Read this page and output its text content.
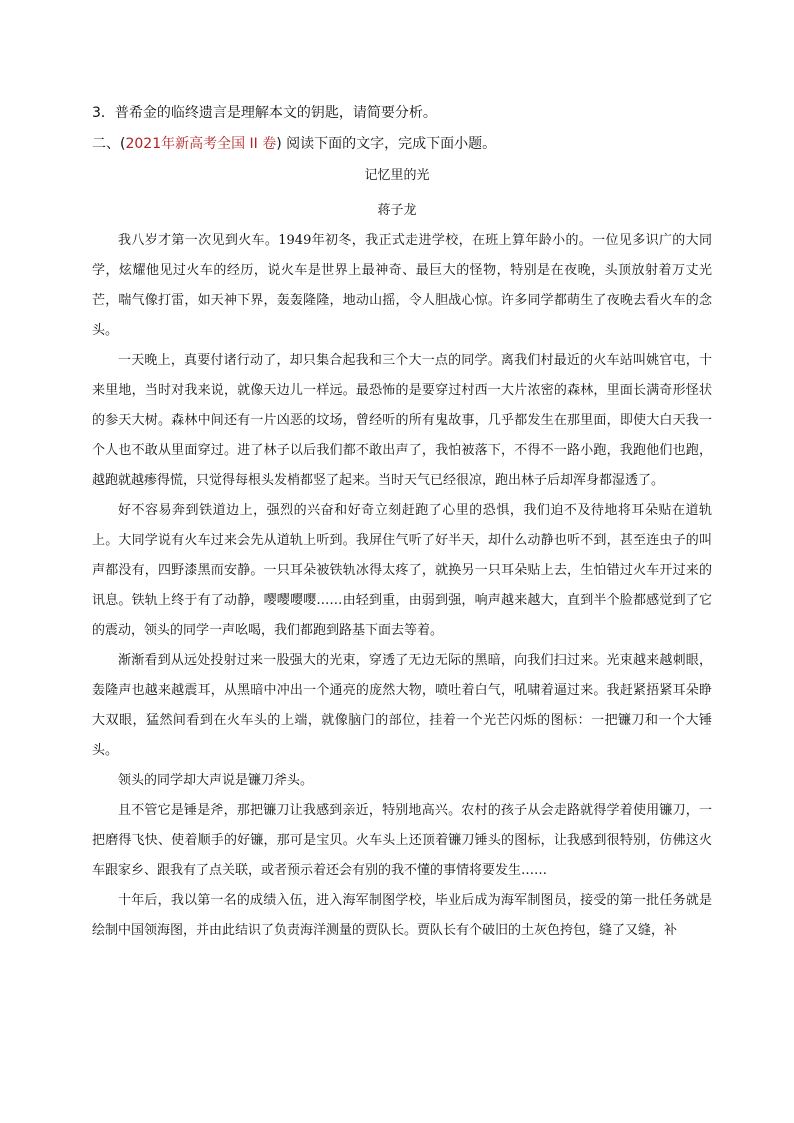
3．普希金的临终遗言是理解本文的钥匙，请简要分析。
二、(2021年新高考全国 II 卷) 阅读下面的文字，完成下面小题。
记忆里的光
蒋子龙

我八岁才第一次见到火车。1949年初冬，我正式走进学校，在班上算年龄小的。一位见多识广的大同学，炫耀他见过火车的经历，说火车是世界上最神奇、最巨大的怪物，特别是在夜晚，头顶放射着万丈光芒，喘气像打雷，如天神下界，轰轰隆隆，地动山摇，令人胆战心惊。许多同学都萌生了夜晚去看火车的念头。

一天晚上，真要付诸行动了，却只集合起我和三个大一点的同学。离我们村最近的火车站叫姚官屯，十来里地，当时对我来说，就像天边儿一样远。最恐怖的是要穿过村西一大片浓密的森林，里面长满奇形怪状的参天大树。森林中间还有一片凶恶的坟场，曾经听的所有鬼故事，几乎都发生在那里面，即使大白天我一个人也不敢从里面穿过。进了林子以后我们都不敢出声了，我怕被落下，不得不一路小跑，我跑他们也跑，越跑就越瘆得慌，只觉得每根头发梢都竖了起来。当时天气已经很凉，跑出林子后却浑身都湿透了。

好不容易奔到铁道边上，强烈的兴奋和好奇立刻赶跑了心里的恐惧，我们迫不及待地将耳朵贴在道轨上。大同学说有火车过来会先从道轨上听到。我屏住气听了好半天，却什么动静也听不到，甚至连虫子的叫声都没有，四野漆黑而安静。一只耳朵被铁轨冰得太疼了，就换另一只耳朵贴上去，生怕错过火车开过来的讯息。铁轨上终于有了动静，嘤嘤嘤嘤……由轻到重，由弱到强，响声越来越大，直到半个脸都感觉到了它的震动，领头的同学一声吆喝，我们都跑到路基下面去等着。

渐渐看到从远处投射过来一股强大的光束，穿透了无边无际的黑暗，向我们扫过来。光束越来越刺眼，轰隆声也越来越震耳，从黑暗中冲出一个通亮的庞然大物，喷吐着白气，吼啸着逼过来。我赶紧捂紧耳朵睁大双眼，猛然间看到在火车头的上端，就像脑门的部位，挂着一个光芒闪烁的图标：一把镰刀和一个大锤头。

领头的同学却大声说是镰刀斧头。

且不管它是锤是斧，那把镰刀让我感到亲近，特别地高兴。农村的孩子从会走路就得学着使用镰刀，一把磨得飞快、使着顺手的好镰，那可是宝贝。火车头上还顶着镰刀锤头的图标，让我感到很特别，仿佛这火车跟家乡、跟我有了点关联，或者预示着还会有别的我不懂的事情将要发生……

十年后，我以第一名的成绩入伍，进入海军制图学校，毕业后成为海军制图员，接受的第一批任务就是绘制中国领海图，并由此结识了负责海洋测量的贾队长。贾队长有个破旧的土灰色挎包，缝了又缝，补
